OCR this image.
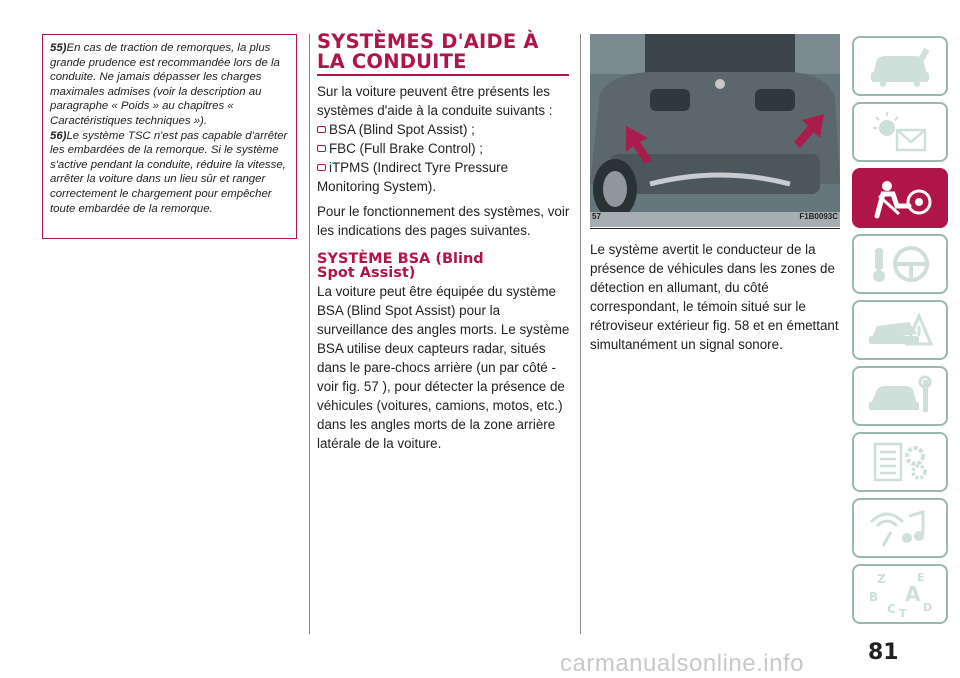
55)En cas de traction de remorques, la plus grande prudence est recommandée lors de la conduite. Ne jamais dépasser les charges maximales admises (voir la description au paragraphe « Poids » au chapitres « Caractéristiques techniques »).

56)Le système TSC n'est pas capable d'arrêter les embardées de la remorque. Si le système s'active pendant la conduite, réduire la vitesse, arrêter la voiture dans un lieu sûr et ranger correctement le chargement pour empêcher toute embardée de la remorque.

SYSTÈMES D'AIDE À
LA CONDUITE

Sur la voiture peuvent être présents les systèmes d'aide à la conduite suivants :

BSA (Blind Spot Assist) ;
FBC (Full Brake Control) ;
iTPMS (Indirect Tyre Pressure

Monitoring System).

Pour le fonctionnement des systèmes, voir les indications des pages suivantes.

SYSTÈME BSA (Blind
Spot Assist)

La voiture peut être équipée du système BSA (Blind Spot Assist) pour la surveillance des angles morts. Le système BSA utilise deux capteurs radar, situés dans le pare-chocs arrière (un par côté - voir fig. 57 ), pour détecter la présence de véhicules (voitures, camions, motos, etc.) dans les angles morts de la zone arrière latérale de la voiture.

57	F1B0093C

Le système avertit le conducteur de la présence de véhicules dans les zones de détection en allumant, du côté correspondant, le témoin situé sur le rétroviseur extérieur fig. 58 et en émettant simultanément un signal sonore.

Z	E
B A
C D
T
81
carmanualsonline.info
